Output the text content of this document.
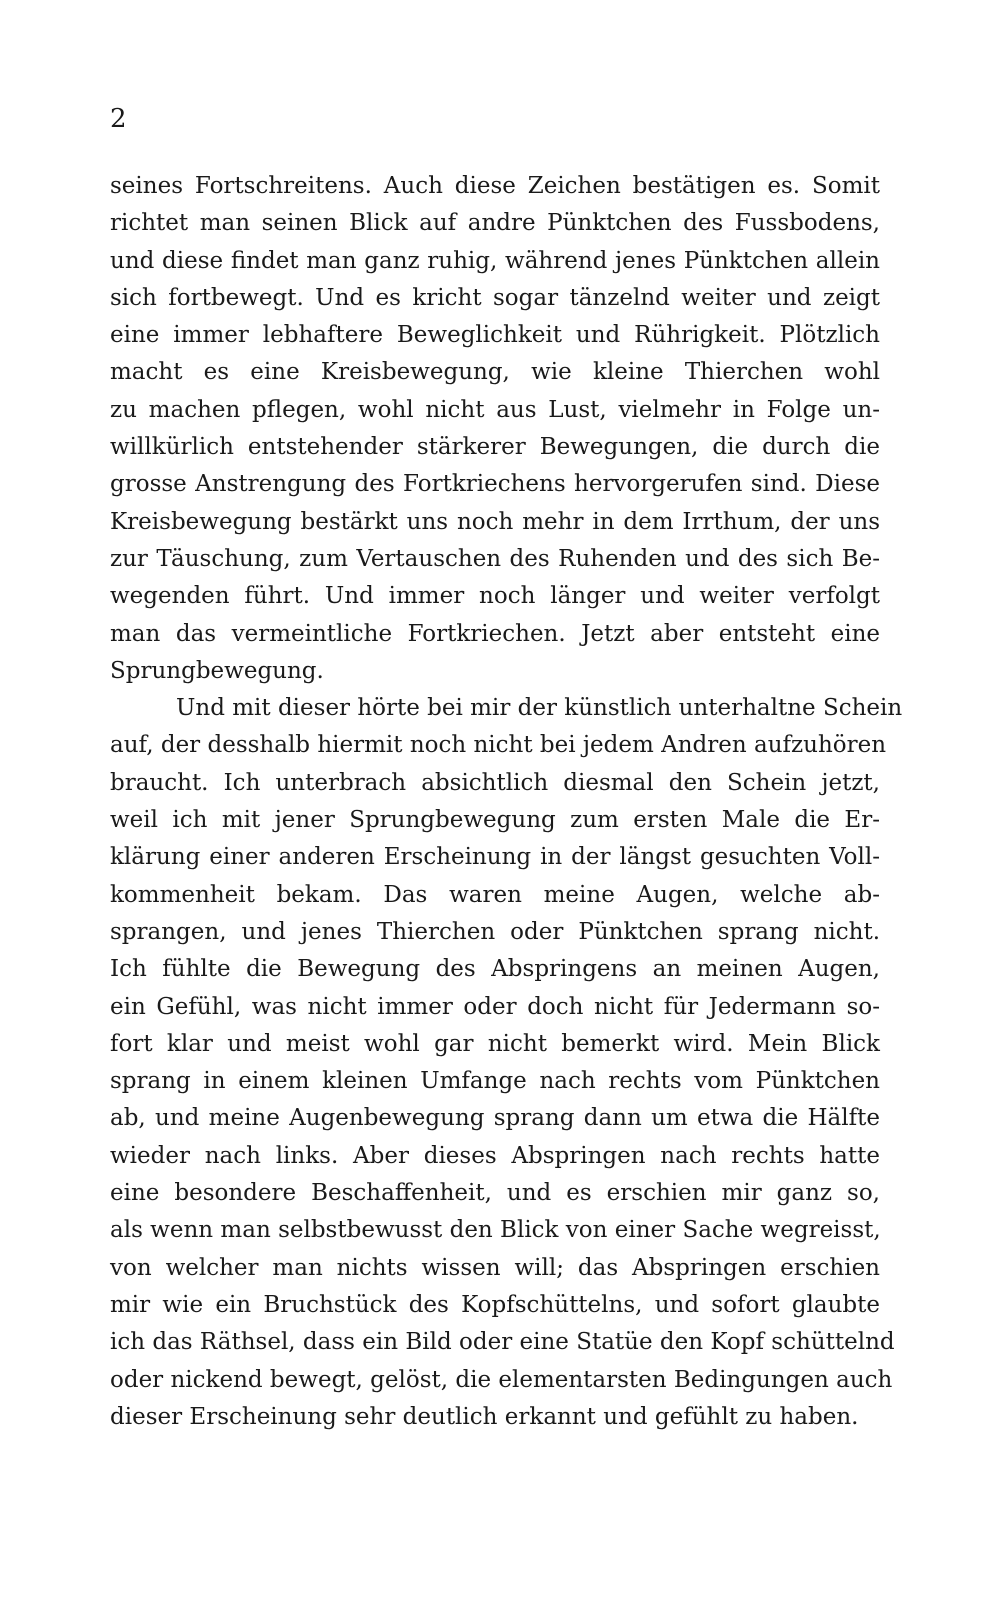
2
seines Fortschreitens. Auch diese Zeichen bestätigen es. Somit
richtet man seinen Blick auf andre Pünktchen des Fussbodens,
und diese findet man ganz ruhig, während jenes Pünktchen allein
sich fortbewegt. Und es kricht sogar tänzelnd weiter und zeigt
eine immer lebhaftere Beweglichkeit und Rührigkeit. Plötzlich
macht es eine Kreisbewegung, wie kleine Thierchen wohl
zu machen pflegen, wohl nicht aus Lust, vielmehr in Folge un-
willkürlich entstehender stärkerer Bewegungen, die durch die
grosse Anstrengung des Fortkriechens hervorgerufen sind. Diese
Kreisbewegung bestärkt uns noch mehr in dem Irrthum, der uns
zur Täuschung, zum Vertauschen des Ruhenden und des sich Be-
wegenden führt. Und immer noch länger und weiter verfolgt
man das vermeintliche Fortkriechen. Jetzt aber entsteht eine
Sprungbewegung.
Und mit dieser hörte bei mir der künstlich unterhaltne Schein
auf, der desshalb hiermit noch nicht bei jedem Andren aufzuhören
braucht. Ich unterbrach absichtlich diesmal den Schein jetzt,
weil ich mit jener Sprungbewegung zum ersten Male die Er-
klärung einer anderen Erscheinung in der längst gesuchten Voll-
kommenheit bekam. Das waren meine Augen, welche ab-
sprangen, und jenes Thierchen oder Pünktchen sprang nicht.
Ich fühlte die Bewegung des Abspringens an meinen Augen,
ein Gefühl, was nicht immer oder doch nicht für Jedermann so-
fort klar und meist wohl gar nicht bemerkt wird. Mein Blick
sprang in einem kleinen Umfange nach rechts vom Pünktchen
ab, und meine Augenbewegung sprang dann um etwa die Hälfte
wieder nach links. Aber dieses Abspringen nach rechts hatte
eine besondere Beschaffenheit, und es erschien mir ganz so,
als wenn man selbstbewusst den Blick von einer Sache wegreisst,
von welcher man nichts wissen will; das Abspringen erschien
mir wie ein Bruchstück des Kopfschüttelns, und sofort glaubte
ich das Räthsel, dass ein Bild oder eine Statüe den Kopf schüttelnd
oder nickend bewegt, gelöst, die elementarsten Bedingungen auch
dieser Erscheinung sehr deutlich erkannt und gefühlt zu haben.
